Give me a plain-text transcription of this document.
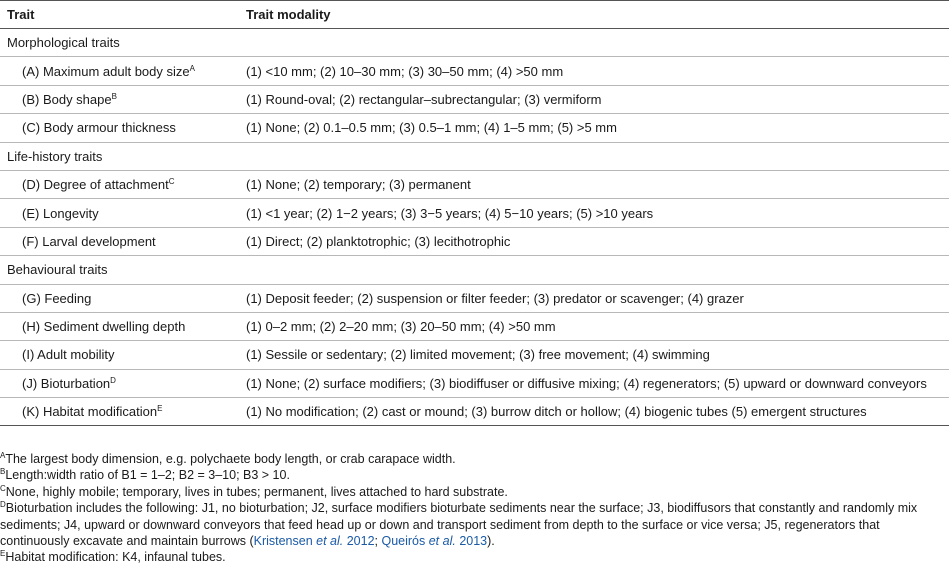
Trait	Trait modality
Morphological traits	
(A) Maximum adult body size$^A$	(1) <10 mm; (2) 10–30 mm; (3) 30–50 mm; (4) >50 mm
(B) Body shape$^B$	(1) Round-oval; (2) rectangular–subrectangular; (3) vermiform
(C) Body armour thickness	(1) None; (2) 0.1–0.5 mm; (3) 0.5–1 mm; (4) 1–5 mm; (5) >5 mm
Life-history traits	
(D) Degree of attachment$^C$	(1) None; (2) temporary; (3) permanent
(E) Longevity	(1) <1 year; (2) 1−2 years; (3) 3−5 years; (4) 5−10 years; (5) >10 years
(F) Larval development	(1) Direct; (2) planktotrophic; (3) lecithotrophic
Behavioural traits	
(G) Feeding	(1) Deposit feeder; (2) suspension or filter feeder; (3) predator or scavenger; (4) grazer
(H) Sediment dwelling depth	(1) 0–2 mm; (2) 2–20 mm; (3) 20–50 mm; (4) >50 mm
(I) Adult mobility	(1) Sessile or sedentary; (2) limited movement; (3) free movement; (4) swimming
(J) Bioturbation$^D$	(1) None; (2) surface modifiers; (3) biodiffuser or diffusive mixing; (4) regenerators; (5) upward or downward conveyors
(K) Habitat modification$^E$	(1) No modification; (2) cast or mound; (3) burrow ditch or hollow; (4) biogenic tubes (5) emergent structures

$^A$The largest body dimension, e.g. polychaete body length, or crab carapace width.

$^B$Length:width ratio of B1 = 1–2; B2 = 3–10; B3 > 10.

$^C$None, highly mobile; temporary, lives in tubes; permanent, lives attached to hard substrate.

$^D$Bioturbation includes the following: J1, no bioturbation; J2, surface modifiers bioturbate sediments near the surface; J3, biodiffusors that constantly and randomly mix sediments; J4, upward or downward conveyors that feed head up or down and transport sediment from depth to the surface or vice versa; J5, regenerators that continuously excavate and maintain burrows (Kristensen et al. 2012; Queirós et al. 2013).

$^E$Habitat modification: K4, infaunal tubes.
